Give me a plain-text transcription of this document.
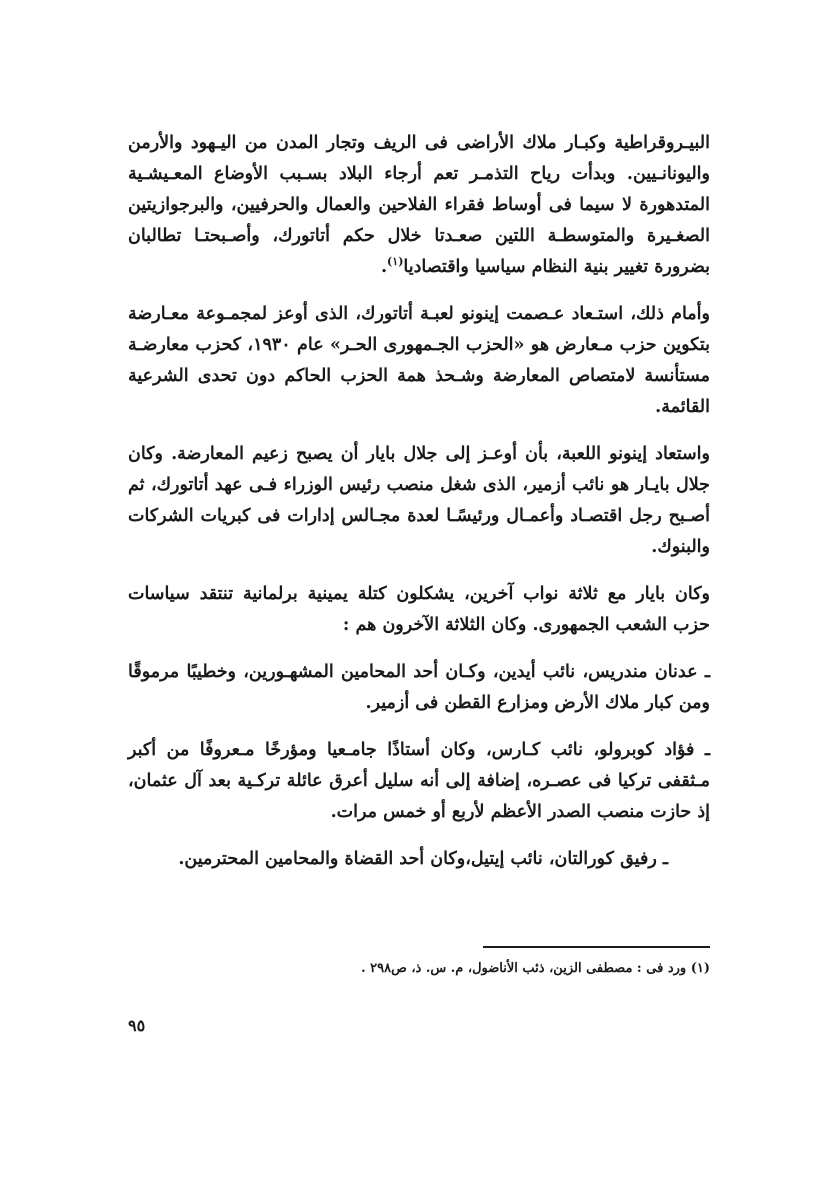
البيـروقراطية وكبـار ملاك الأراضى فى الريف وتجار المدن من اليـهود والأرمن واليونانـيين. وبدأت رياح التذمـر تعم أرجاء البلاد بسـبب الأوضاع المعـيشـية المتدهورة لا سيما فى أوساط فقراء الفلاحين والعمال والحرفيين، والبرجوازيتين الصغـيرة والمتوسطـة اللتين صعـدتا خلال حكم أتاتورك، وأصـبحتـا تطالبان بضرورة تغيير بنية النظام سياسيا واقتصاديا$^{(١)}$.

وأمام ذلك، استـعاد عـصمت إينونو لعبـة أتاتورك، الذى أوعز لمجمـوعة معـارضة بتكوين حزب مـعارض هو «الحزب الجـمهورى الحـر» عام ١٩٣٠، كحزب معارضـة مستأنسة لامتصاص المعارضة وشـحذ همة الحزب الحاكم دون تحدى الشرعية القائمة.

واستعاد إينونو اللعبة، بأن أوعـز إلى جلال بايار أن يصبح زعيم المعارضة. وكان جلال بايـار هو نائب أزمير، الذى شغل منصب رئيس الوزراء فـى عهد أتاتورك، ثم أصـبح رجل اقتصـاد وأعمـال ورئيسًـا لعدة مجـالس إدارات فى كبريات الشركات والبنوك.

وكان بايار مع ثلاثة نواب آخرين، يشكلون كتلة يمينية برلمانية تنتقد سياسات حزب الشعب الجمهورى. وكان الثلاثة الآخرون هم :

ـ عدنان مندريس، نائب أيدين، وكـان أحد المحامين المشهـورين، وخطيبًا مرموقًا ومن كبار ملاك الأرض ومزارع القطن فى أزمير.

ـ فؤاد كوبرولو، نائب كـارس، وكان أستاذًا جامـعيا ومؤرخًا مـعروفًا من أكبر مـثقفى تركيا فى عصـره، إضافة إلى أنه سليل أعرق عائلة تركـية بعد آل عثمان، إذ حازت منصب الصدر الأعظم لأربع أو خمس مرات.

ـ رفيق كورالتان، نائب إيتيل،وكان أحد القضاة والمحامين المحترمين.

(١) ورد فى : مصطفى الزين، ذئب الأناضول، م. س. ذ، ص٢٩٨ .
٩٥
